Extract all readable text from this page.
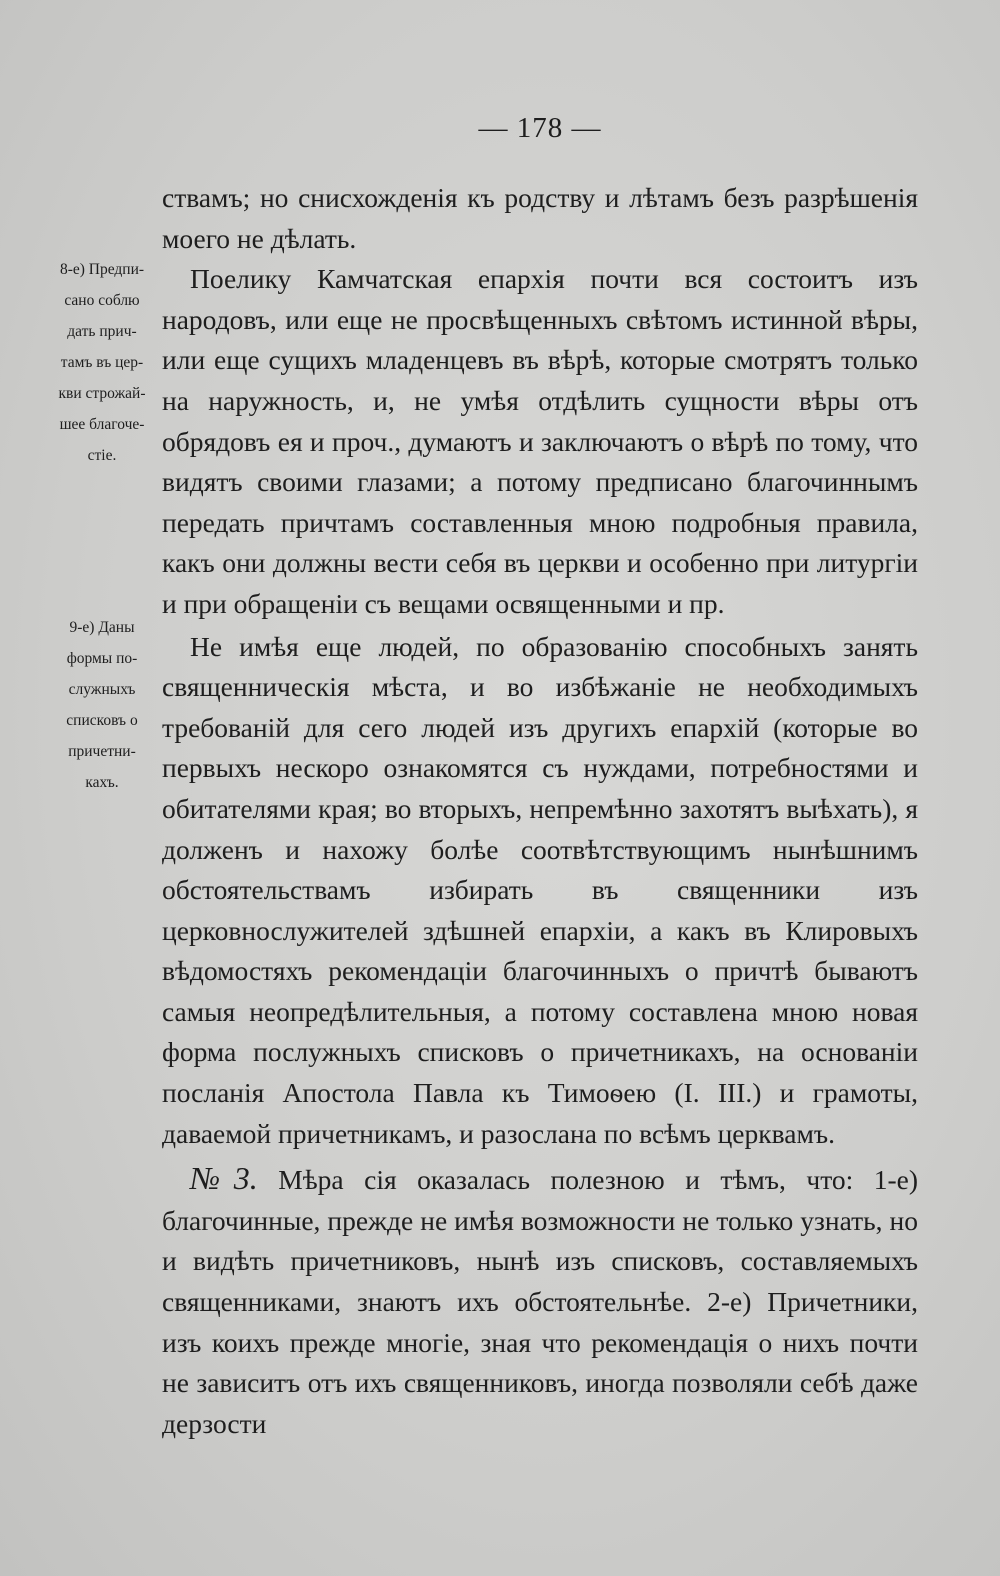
— 178 —
8-е) Предпи-
сано соблю
дать прич-
тамъ въ цер-
кви строжай-
шее благоче-
стіе.
9-е) Даны
формы по-
служныхъ
списковъ о
причетни-
кахъ.

ствамъ; но снисхожденія къ родству и лѣтамъ безъ разрѣшенія моего не дѣлать.

Поелику Камчатская епархія почти вся состоитъ изъ народовъ, или еще не просвѣщенныхъ свѣтомъ истинной вѣры, или еще сущихъ младенцевъ въ вѣрѣ, которые смотрятъ только на наружность, и, не умѣя отдѣлить сущности вѣры отъ обрядовъ ея и проч., думаютъ и заключаютъ о вѣрѣ по тому, что видятъ своими глазами; а потому предписано благочиннымъ передать причтамъ составленныя мною подробныя правила, какъ они должны вести себя въ церкви и особенно при литургіи и при обращеніи съ вещами освященными и пр.

Не имѣя еще людей, по образованію способныхъ занять священническія мѣста, и во избѣжаніе не необходимыхъ требованій для сего людей изъ другихъ епархій (которые во первыхъ нескоро ознакомятся съ нуждами, потребностями и обитателями края; во вторыхъ, непремѣнно захотятъ выѣхать), я долженъ и нахожу болѣе соотвѣтствующимъ нынѣшнимъ обстоятельствамъ избирать въ священники изъ церковнослужителей здѣшней епархіи, а какъ въ Клировыхъ вѣдомостяхъ рекомендаціи благочинныхъ о причтѣ бываютъ самыя неопредѣлительныя, а потому составлена мною новая форма послужныхъ списковъ о причетникахъ, на основаніи посланія Апостола Павла къ Тимоѳею (I. III.) и грамоты, даваемой причетникамъ, и разослана по всѣмъ церквамъ.

№3. Мѣра сія оказалась полезною и тѣмъ, что: 1-е) благочинные, прежде не имѣя возможности не только узнать, но и видѣть причетниковъ, нынѣ изъ списковъ, составляемыхъ священниками, знаютъ ихъ обстоятельнѣе. 2-е) Причетники, изъ коихъ прежде многіе, зная что рекомендація о нихъ почти не зависитъ отъ ихъ священниковъ, иногда позволяли себѣ даже дерзости
